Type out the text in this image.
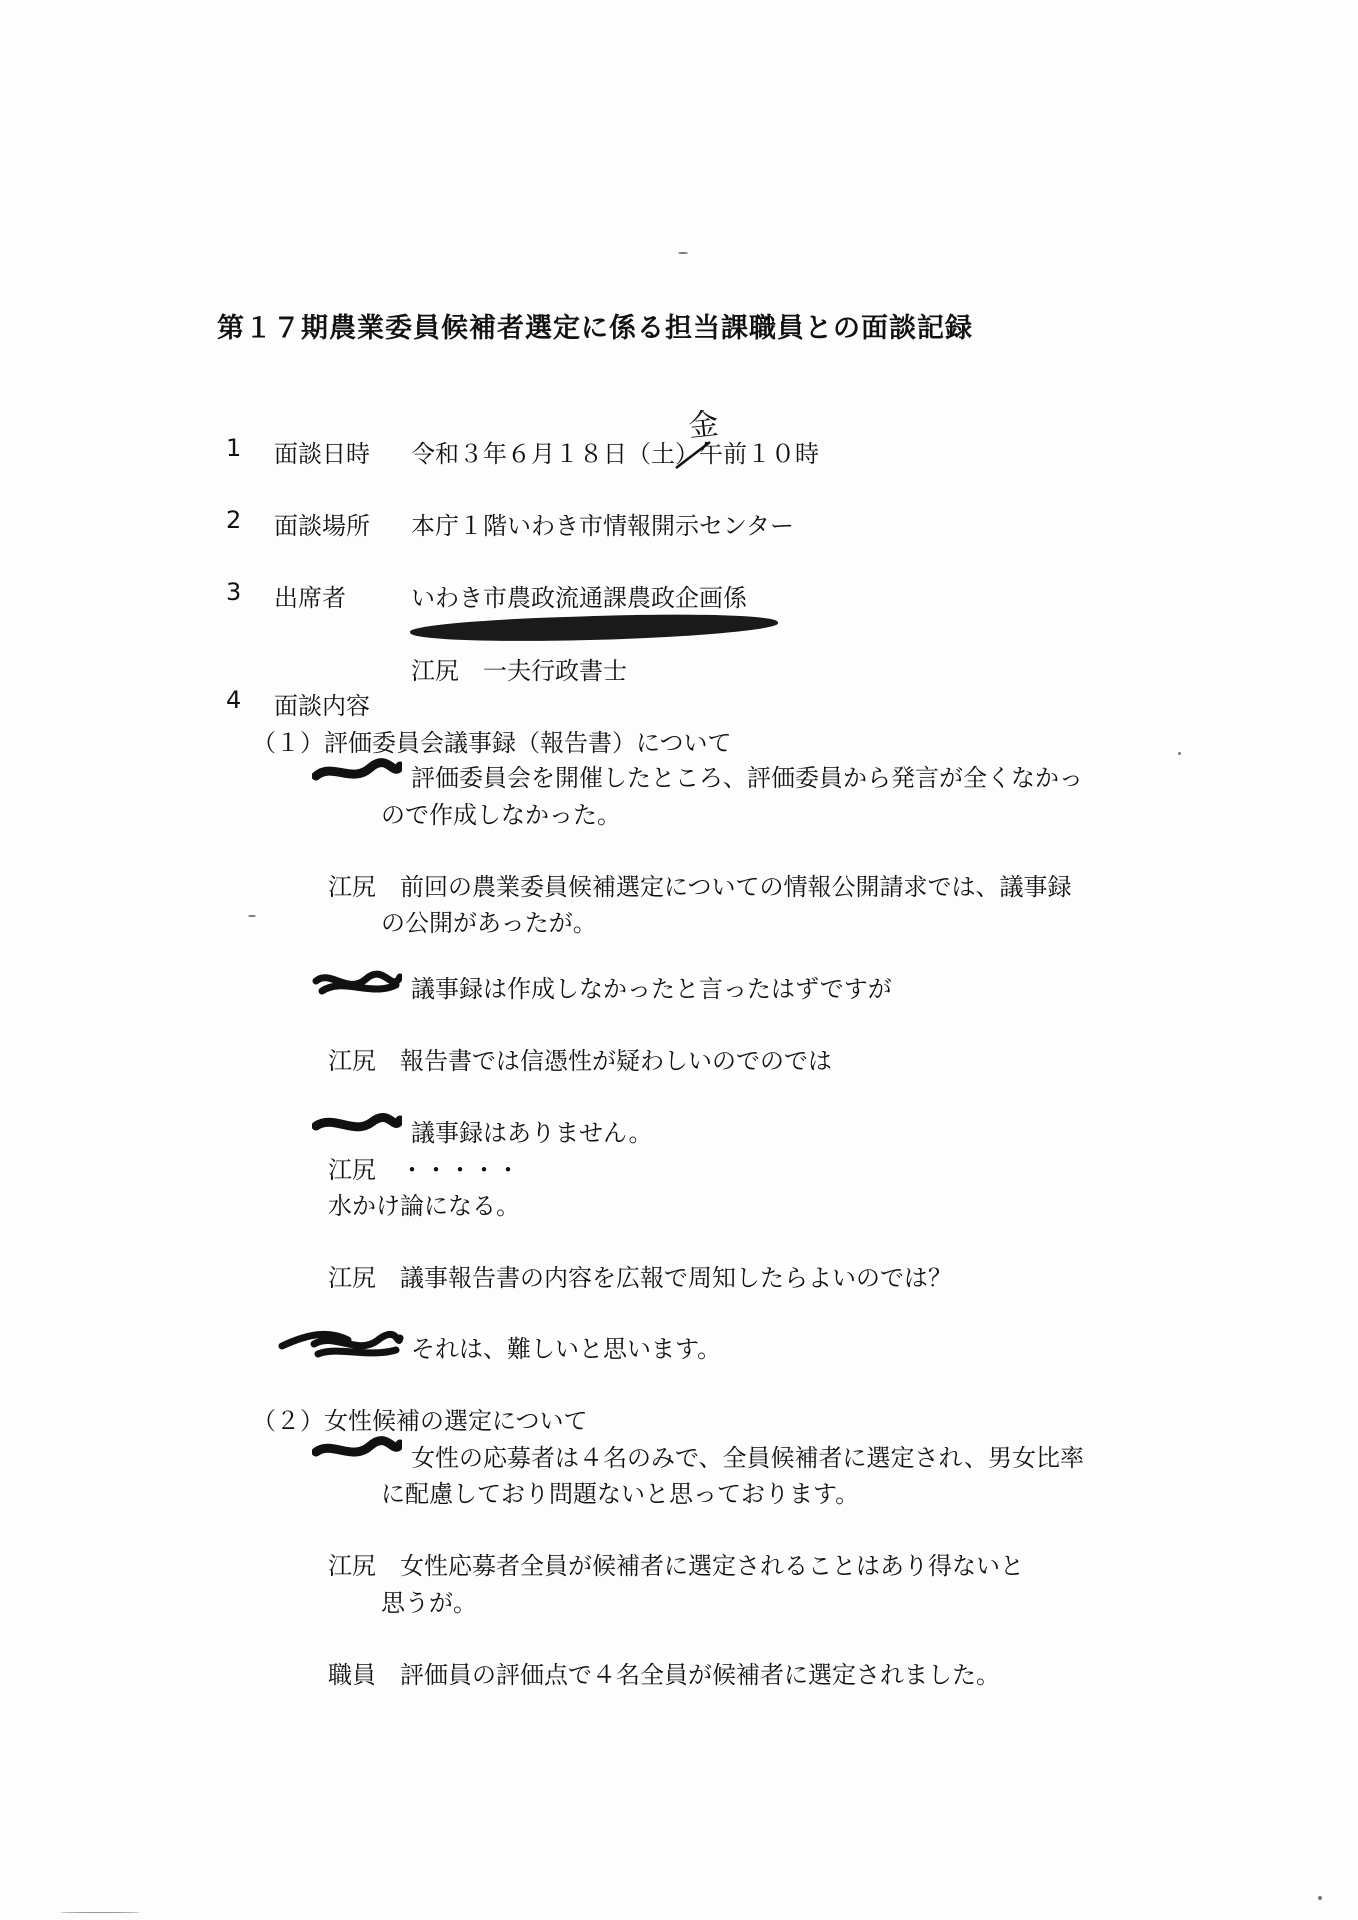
第１７期農業委員候補者選定に係る担当課職員との面談記録
1 面談日時 令和３年６月１８日（土）午前１０時
金
2 面談場所 本庁１階いわき市情報開示センター
3 出席者	いわき市農政流通課農政企画係
江尻　一夫行政書士
4 面談内容
（１）評価委員会議事録（報告書）について
評価委員会を開催したところ、評価委員から発言が全くなかっ
ので作成しなかった。
江尻　前回の農業委員候補選定についての情報公開請求では、議事録
の公開があったが。
議事録は作成しなかったと言ったはずですが
江尻　報告書では信憑性が疑わしいのでのでは
議事録はありません。
江尻　・・・・・
水かけ論になる。
江尻　議事報告書の内容を広報で周知したらよいのでは？
それは、難しいと思います。
（２）女性候補の選定について
女性の応募者は４名のみで、全員候補者に選定され、男女比率
に配慮しており問題ないと思っております。
江尻　女性応募者全員が候補者に選定されることはあり得ないと
思うが。
職員　評価員の評価点で４名全員が候補者に選定されました。
